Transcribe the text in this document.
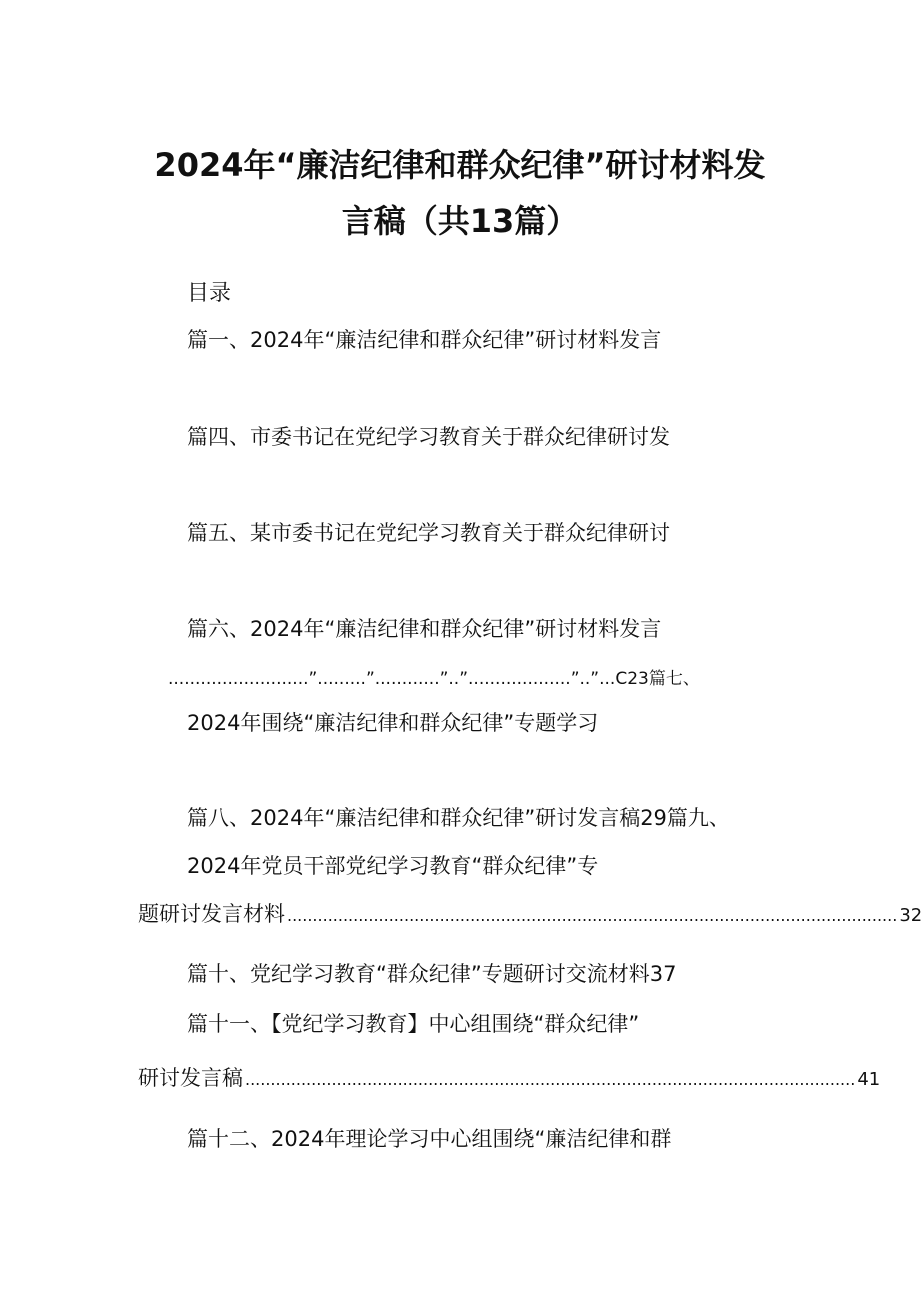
2024年“廉洁纪律和群众纪律”研讨材料发
言稿（共13篇）
目录
篇一、2024年“廉洁纪律和群众纪律”研讨材料发言
篇四、市委书记在党纪学习教育关于群众纪律研讨发
篇五、某市委书记在党纪学习教育关于群众纪律研讨
篇六、2024年“廉洁纪律和群众纪律”研讨材料发言
..........................”.........”............”..”...................”..”...C23篇七、
2024年围绕“廉洁纪律和群众纪律”专题学习
篇八、2024年“廉洁纪律和群众纪律”研讨发言稿29篇九、
2024年党员干部党纪学习教育“群众纪律”专
题研讨发言材料 ........................................................................................................................ 32
篇十、党纪学习教育“群众纪律”专题研讨交流材料37
篇十一、【党纪学习教育】中心组围绕“群众纪律”
研讨发言稿 ........................................................................................................................ 41
篇十二、2024年理论学习中心组围绕“廉洁纪律和群
